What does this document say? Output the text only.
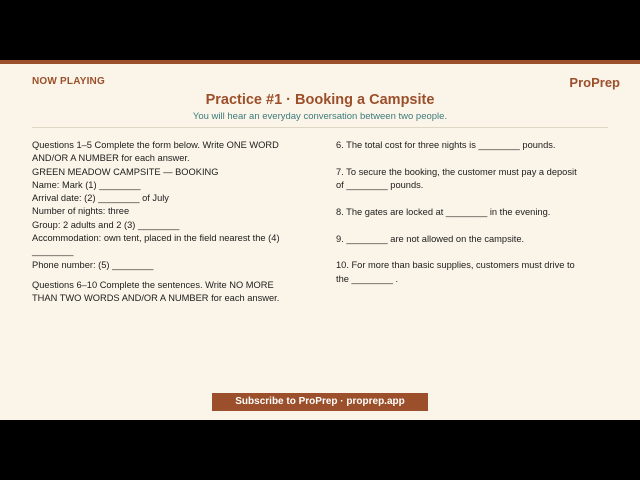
NOW PLAYING	ProPrep
Practice #1 · Booking a Campsite
You will hear an everyday conversation between two people.
Questions 1–5 Complete the form below. Write ONE WORD
AND/OR A NUMBER for each answer.
GREEN MEADOW CAMPSITE — BOOKING
Name: Mark (1) ________
Arrival date: (2) ________ of July
Number of nights: three
Group: 2 adults and 2 (3) ________
Accommodation: own tent, placed in the field nearest the (4)
________
Phone number: (5) ________
Questions 6–10 Complete the sentences. Write NO MORE
THAN TWO WORDS AND/OR A NUMBER for each answer.
6. The total cost for three nights is ________ pounds.
7. To secure the booking, the customer must pay a deposit
of ________ pounds.
8. The gates are locked at ________ in the evening.
9. ________ are not allowed on the campsite.
10. For more than basic supplies, customers must drive to
the ________ .
Subscribe to ProPrep · proprep.app
